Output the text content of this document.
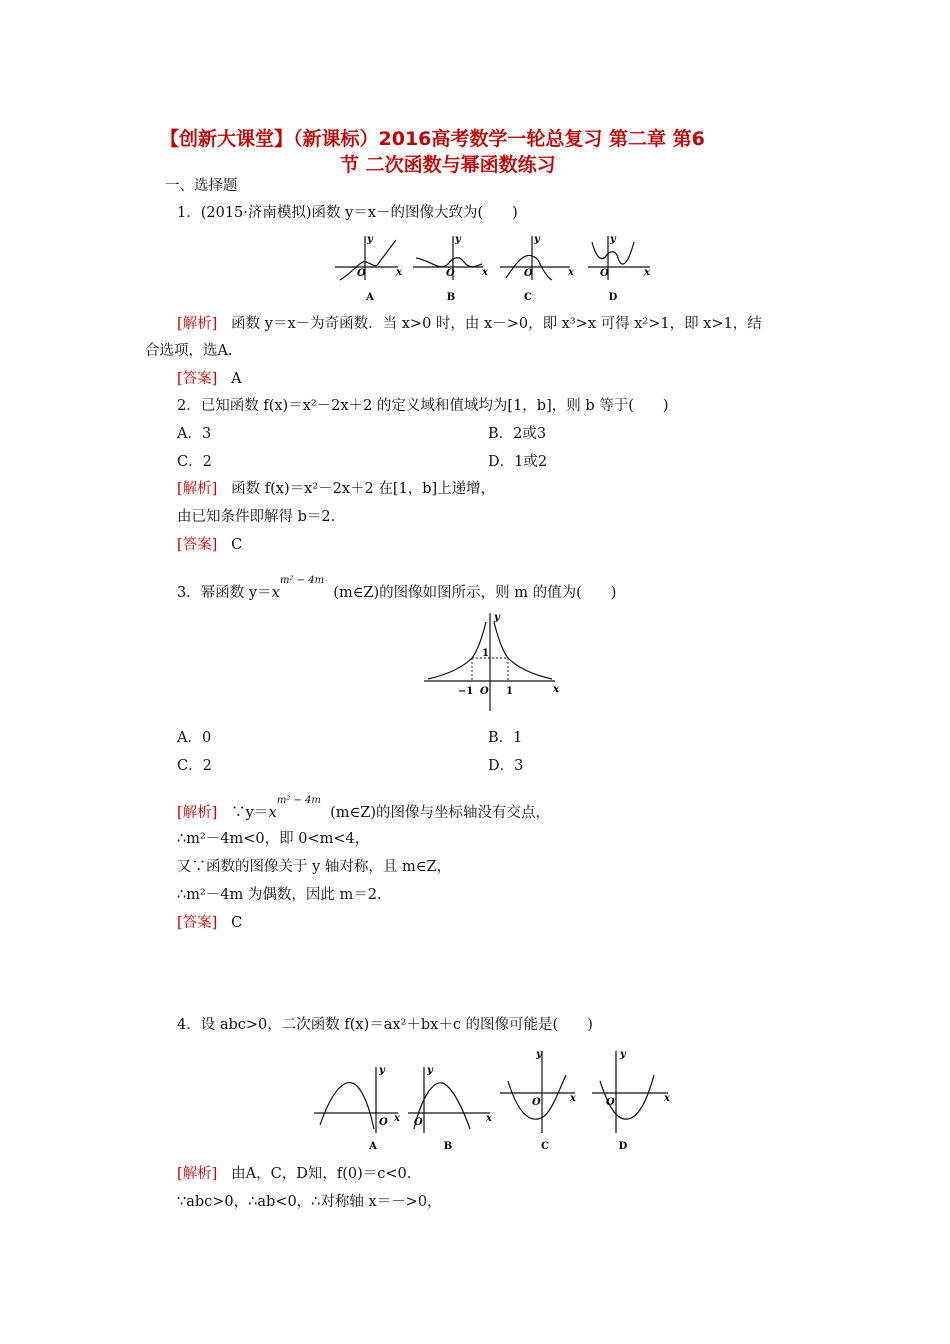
【创新大课堂】（新课标）2016高考数学一轮总复习 第二章 第6
节 二次函数与幂函数练习
一、选择题
1．(2015·济南模拟)函数 y＝x－的图像大致为(　　)
y
x
O
y
x
O
y
x
O
y
x
O
A	B	C	D
[解析] 函数 y＝x－为奇函数．当 x>0 时，由 x－>0，即 x³>x 可得 x²>1，即 x>1，结
合选项，选A.
[答案] A
2．已知函数 f(x)＝x²－2x＋2 的定义域和值域均为[1，b]，则 b 等于(　　)
A．3	B．2或3
C．2	D．1或2
[解析] 函数 f(x)＝x²－2x＋2 在[1，b]上递增，
由已知条件即解得 b＝2.
[答案] C
3．幂函数 $y=x^{m^2 - 4m}$  (m∈Z)的图像如图所示，则 m 的值为(　　)
y
x
1
−1 O 1
A．0	B．1
C．2	D．3
[解析] $\because y=x^{m^2 - 4m}$  (m∈Z)的图像与坐标轴没有交点，
∴m²－4m<0，即 0<m<4，
又∵函数的图像关于 y 轴对称，且 m∈Z，
∴m²－4m 为偶数，因此 m＝2.
[答案] C
4．设 abc>0，二次函数 f(x)＝ax²＋bx＋c 的图像可能是(　　)
y
x
O
y
x
O
y
x
O
y
x
O
A	B	C	D
[解析] 由A，C，D知，f(0)＝c<0.
∵abc>0，∴ab<0，∴对称轴 x＝－>0，
